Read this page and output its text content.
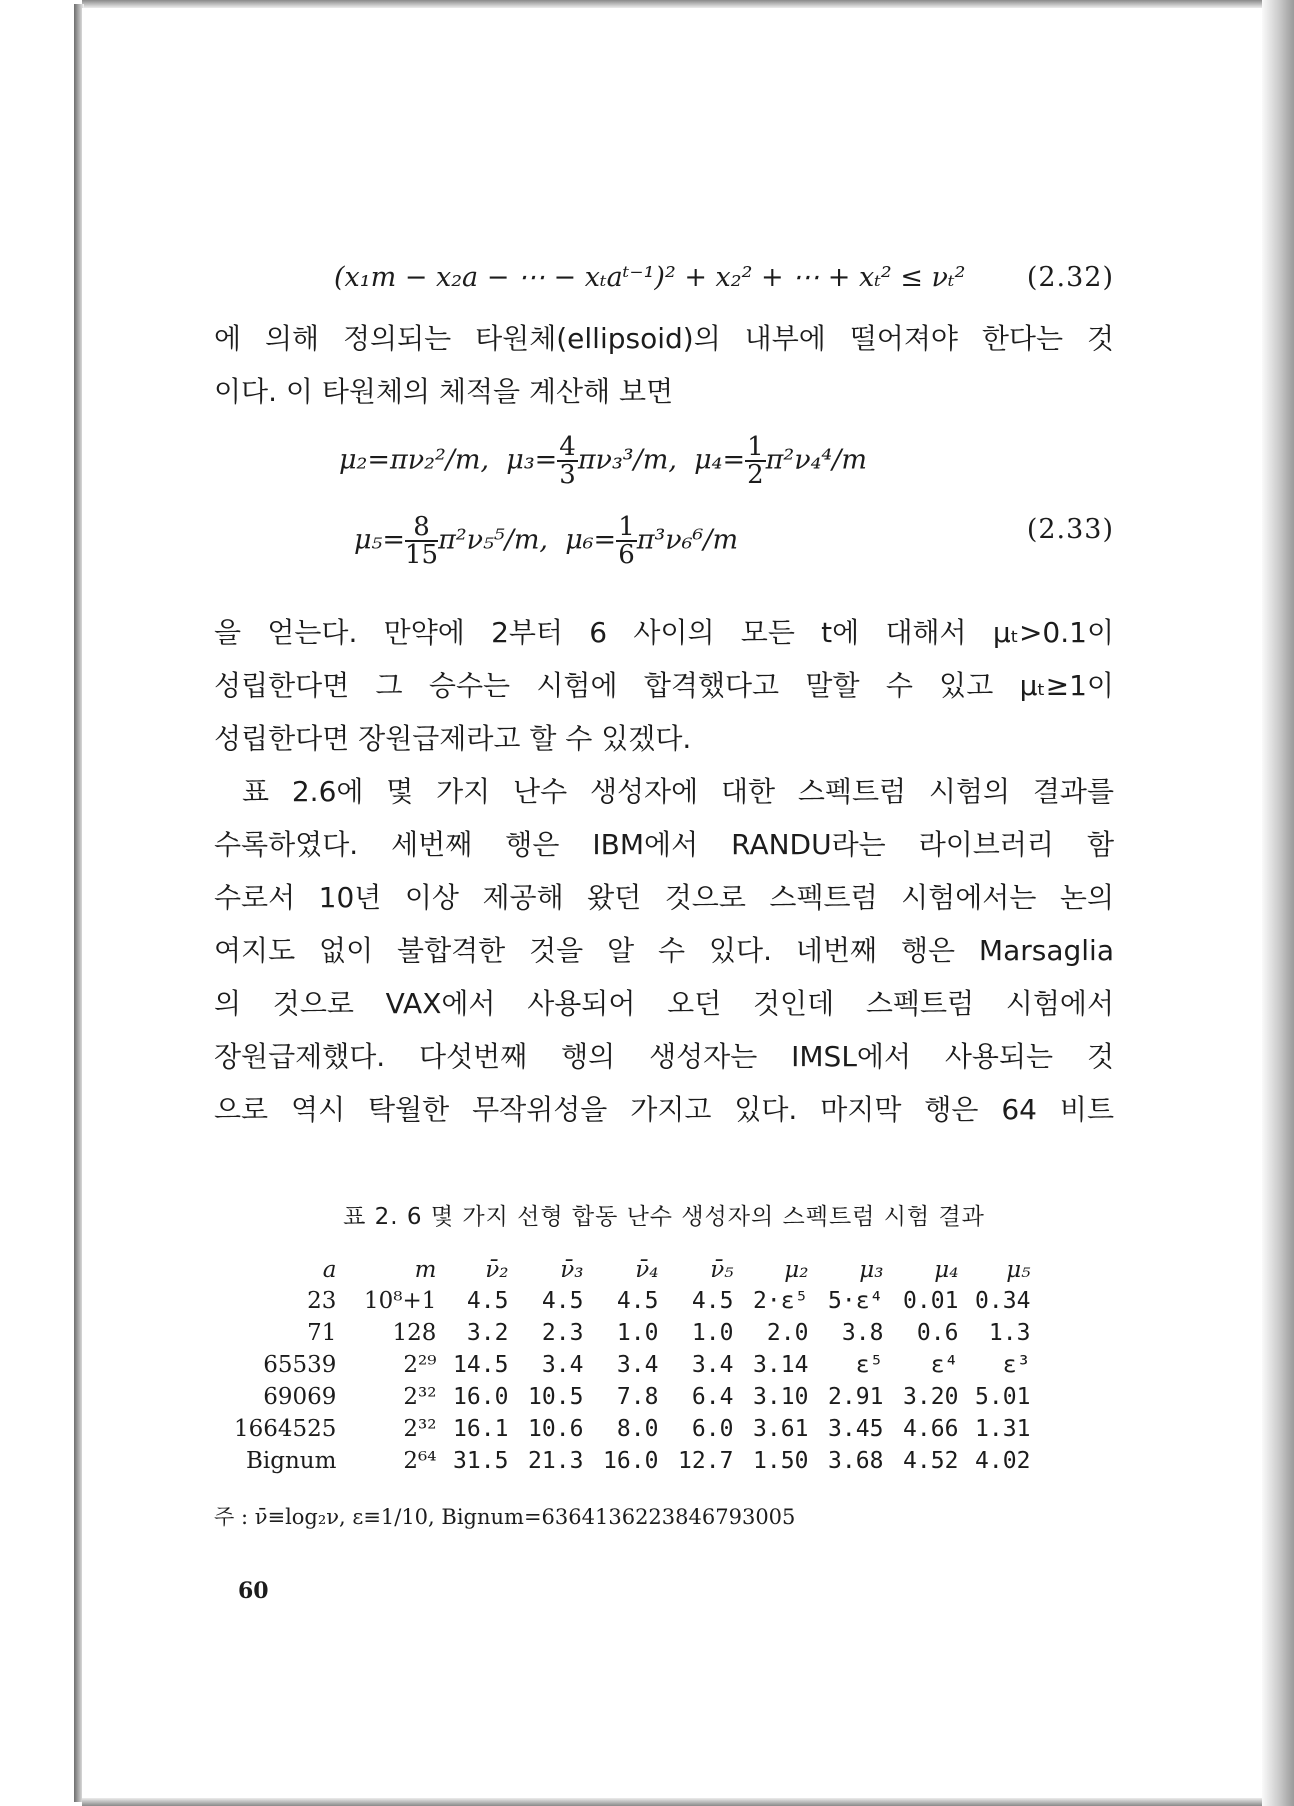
(x₁m − x₂a − ⋯ − xₜaᵗ⁻¹)² + x₂² + ⋯ + xₜ² ≤ νₜ² (2.32)

에 의해 정의되는 타원체(ellipsoid)의 내부에 떨어져야 한다는 것

이다. 이 타원체의 체적을 계산해 보면

μ₂=πν₂²/m, $\mu_3= \frac{4}{3} \pi\nu_3^3/m$, $\mu_4= \frac{1}{2} \pi^2\nu_4^4/m$
$\mu_5= \frac{8}{15} \pi^2\nu_5^5/m$, $\mu_6= \frac{1}{6} \pi^3\nu_6^6/m$	(2.33)

을 얻는다. 만약에 2부터 6 사이의 모든 t에 대해서 μₜ>0.1이

성립한다면 그 승수는 시험에 합격했다고 말할 수 있고 μₜ≥1이

성립한다면 장원급제라고 할 수 있겠다.

표 2.6에 몇 가지 난수 생성자에 대한 스펙트럼 시험의 결과를

수록하였다. 세번째 행은 IBM에서 RANDU라는 라이브러리 함

수로서 10년 이상 제공해 왔던 것으로 스펙트럼 시험에서는 논의

여지도 없이 불합격한 것을 알 수 있다. 네번째 행은 Marsaglia

의 것으로 VAX에서 사용되어 오던 것인데 스펙트럼 시험에서

장원급제했다. 다섯번째 행의 생성자는 IMSL에서 사용되는 것

으로 역시 탁월한 무작위성을 가지고 있다. 마지막 행은 64 비트

표 2. 6 몇 가지 선형 합동 난수 생성자의 스펙트럼 시험 결과
a	m	ν̄₂	ν̄₃	ν̄₄	ν̄₅	μ₂	μ₃	μ₄	μ₅
23	10⁸+1	4.5	4.5	4.5	4.5	2·ε⁵	5·ε⁴	0.01	0.34
71	128	3.2	2.3	1.0	1.0	2.0	3.8	0.6	1.3
65539	2²⁹	14.5	3.4	3.4	3.4	3.14	ε⁵	ε⁴	ε³
69069	2³²	16.0	10.5	7.8	6.4	3.10	2.91	3.20	5.01
1664525	2³²	16.1	10.6	8.0	6.0	3.61	3.45	4.66	1.31
Bignum	2⁶⁴	31.5	21.3	16.0	12.7	1.50	3.68	4.52	4.02
주 : ν̄≡log₂ν, ε≡1/10, Bignum=6364136223846793005
60
